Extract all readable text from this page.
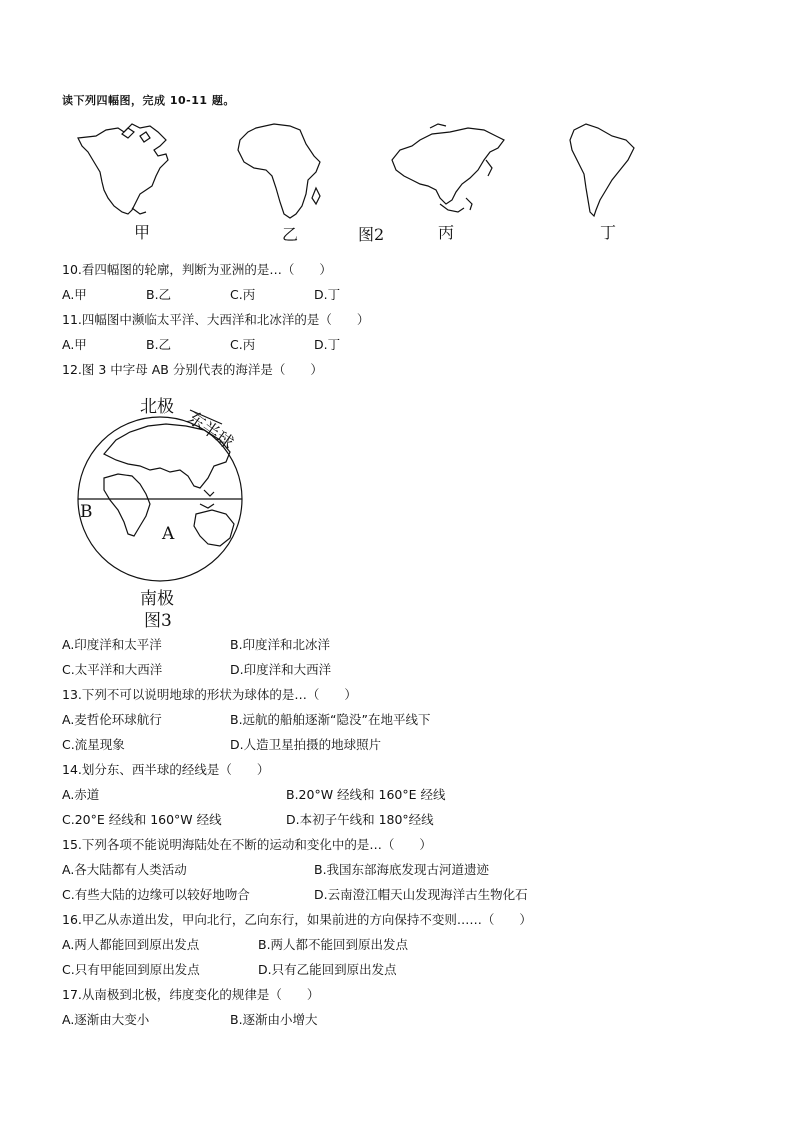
读下列四幅图，完成 10-11 题。
甲	乙	图2	丙	丁
10.看四幅图的轮廓，判断为亚洲的是…（　　）
A.甲	B.乙	C.丙	D.丁
11.四幅图中濒临太平洋、大西洋和北冰洋的是（　　）
A.甲	B.乙	C.丙	D.丁
12.图 3 中字母 AB 分别代表的海洋是（　　）
北极
东半球
B
A
南极
图3
A.印度洋和太平洋	B.印度洋和北冰洋
C.太平洋和大西洋	D.印度洋和大西洋
13.下列不可以说明地球的形状为球体的是…（　　）
A.麦哲伦环球航行	B.远航的船舶逐渐“隐没”在地平线下
C.流星现象	D.人造卫星拍摄的地球照片
14.划分东、西半球的经线是（　　）
A.赤道	B.20°W 经线和 160°E 经线
C.20°E 经线和 160°W 经线	D.本初子午线和 180°经线
15.下列各项不能说明海陆处在不断的运动和变化中的是…（　　）
A.各大陆都有人类活动	B.我国东部海底发现古河道遗迹
C.有些大陆的边缘可以较好地吻合	D.云南澄江帽天山发现海洋古生物化石
16.甲乙从赤道出发，甲向北行，乙向东行，如果前进的方向保持不变则……（　　）
A.两人都能回到原出发点	B.两人都不能回到原出发点
C.只有甲能回到原出发点	D.只有乙能回到原出发点
17.从南极到北极，纬度变化的规律是（　　）
A.逐渐由大变小	B.逐渐由小增大
